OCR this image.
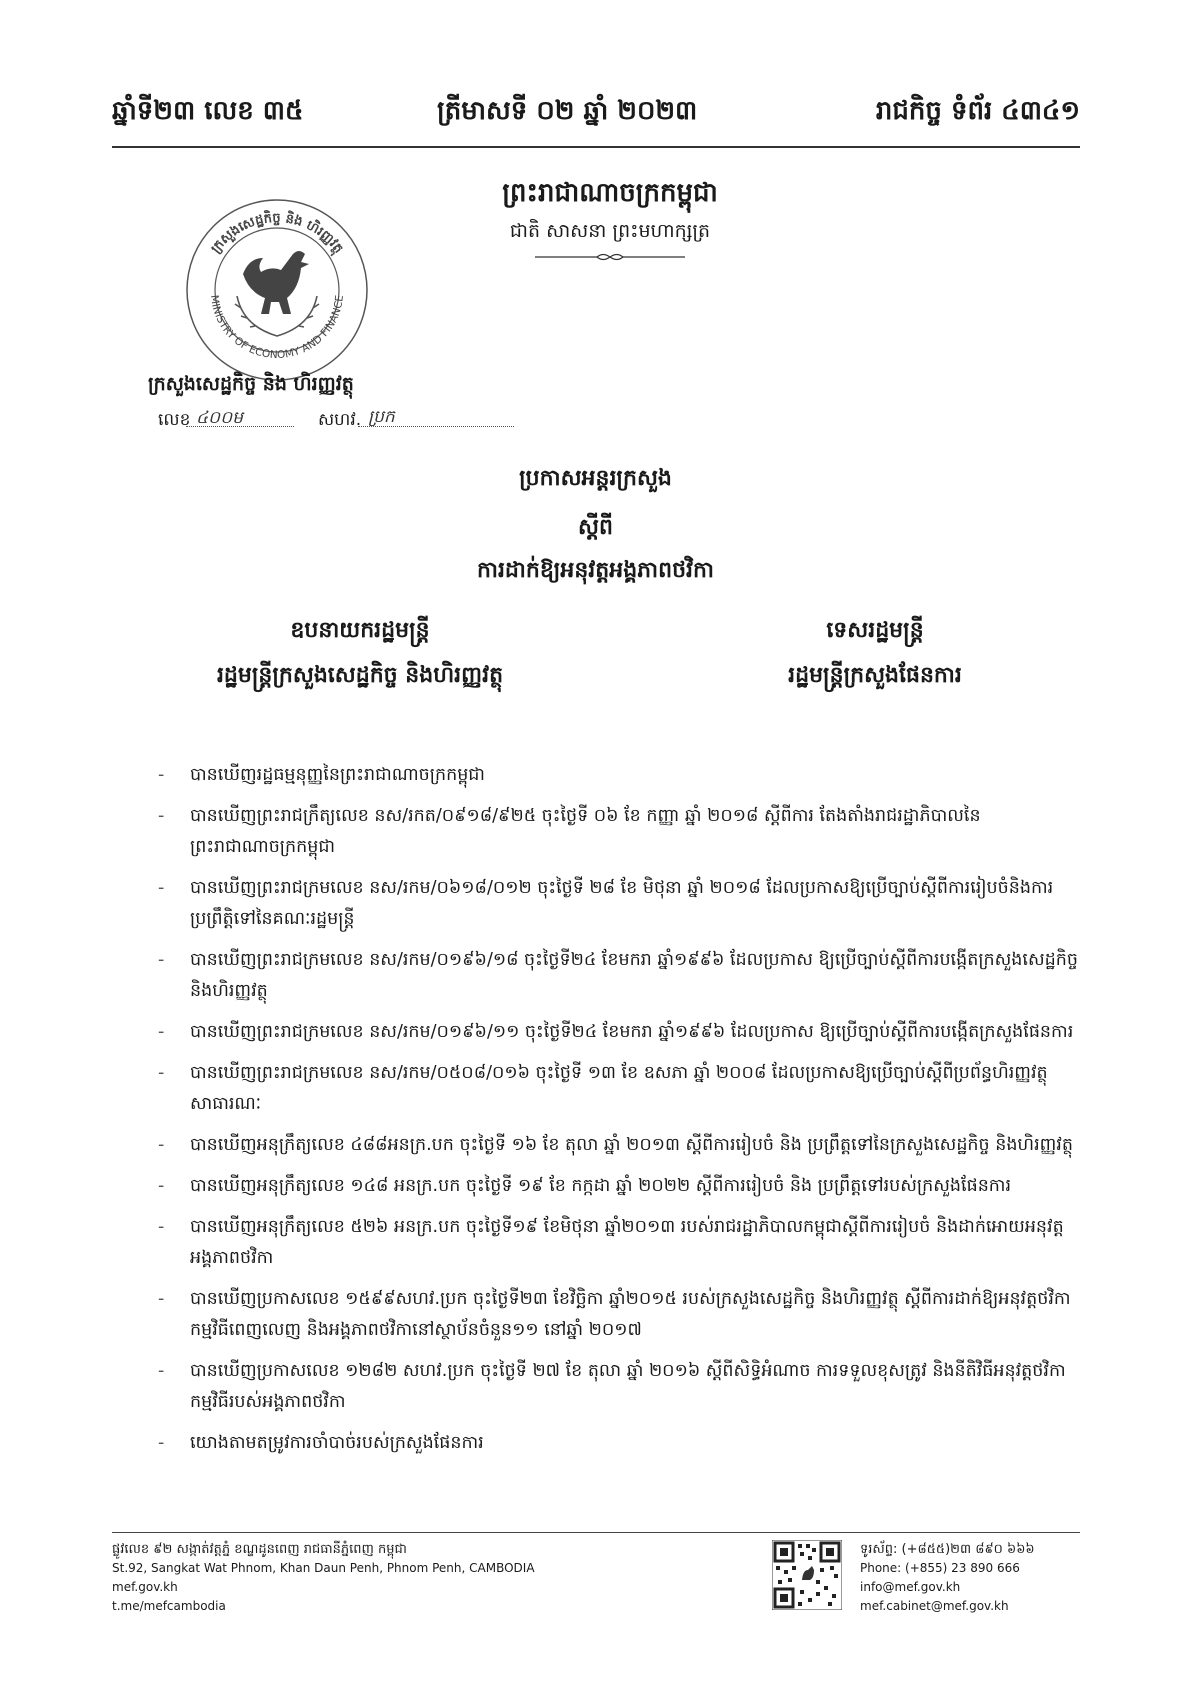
ឆ្នាំទី២៣ លេខ ៣៥	ត្រីមាសទី ០២ ឆ្នាំ ២០២៣	រាជកិច្ច ទំព័រ ៤៣៤១
ព្រះរាជាណាចក្រកម្ពុជា
ជាតិ សាសនា ព្រះមហាក្សត្រ
ក្រសួងសេដ្ឋកិច្ច និង ហិរញ្ញវត្ថុ
MINISTRY OF ECONOMY AND FINANCE
ក្រសួងសេដ្ឋកិច្ច និង ហិរញ្ញវត្ថុ
លេខ ៤០០ម	សហវ. ប្រក
ប្រកាសអន្តរក្រសួង
ស្តីពី
ការដាក់ឱ្យអនុវត្តអង្គភាពថវិកា
ឧបនាយករដ្ឋមន្ត្រី
រដ្ឋមន្ត្រីក្រសួងសេដ្ឋកិច្ច និងហិរញ្ញវត្ថុ
ទេសរដ្ឋមន្ត្រី
រដ្ឋមន្ត្រីក្រសួងផែនការ
- បានឃើញរដ្ឋធម្មនុញ្ញនៃព្រះរាជាណាចក្រកម្ពុជា
- បានឃើញព្រះរាជក្រឹត្យលេខ នស/រកត/០៩១៨/៩២៥ ចុះថ្ងៃទី ០៦ ខែ កញ្ញា ឆ្នាំ ២០១៨ ស្តីពីការ តែងតាំងរាជរដ្ឋាភិបាលនៃព្រះរាជាណាចក្រកម្ពុជា
- បានឃើញព្រះរាជក្រមលេខ នស/រកម/០៦១៨/០១២ ចុះថ្ងៃទី ២៨ ខែ មិថុនា ឆ្នាំ ២០១៨ ដែលប្រកាសឱ្យប្រើច្បាប់ស្តីពីការរៀបចំនិងការប្រព្រឹត្តិទៅនៃគណៈរដ្ឋមន្ត្រី
- បានឃើញព្រះរាជក្រមលេខ នស/រកម/០១៩៦/១៨ ចុះថ្ងៃទី២៤ ខែមករា ឆ្នាំ១៩៩៦ ដែលប្រកាស ឱ្យប្រើច្បាប់ស្តីពីការបង្កើតក្រសួងសេដ្ឋកិច្ច និងហិរញ្ញវត្ថុ
- បានឃើញព្រះរាជក្រមលេខ នស/រកម/០១៩៦/១១ ចុះថ្ងៃទី២៤ ខែមករា ឆ្នាំ១៩៩៦ ដែលប្រកាស ឱ្យប្រើច្បាប់ស្តីពីការបង្កើតក្រសួងផែនការ
- បានឃើញព្រះរាជក្រមលេខ នស/រកម/០៥០៨/០១៦ ចុះថ្ងៃទី ១៣ ខែ ឧសភា ឆ្នាំ ២០០៨ ដែលប្រកាសឱ្យប្រើច្បាប់ស្តីពីប្រព័ន្ធហិរញ្ញវត្ថុសាធារណៈ
- បានឃើញអនុក្រឹត្យលេខ ៤៨៨អនក្រ.បក ចុះថ្ងៃទី ១៦ ខែ តុលា ឆ្នាំ ២០១៣ ស្តីពីការរៀបចំ និង ប្រព្រឹត្តទៅនៃក្រសួងសេដ្ឋកិច្ច និងហិរញ្ញវត្ថុ
- បានឃើញអនុក្រឹត្យលេខ ១៤៨ អនក្រ.បក ចុះថ្ងៃទី ១៩ ខែ កក្កដា ឆ្នាំ ២០២២ ស្តីពីការរៀបចំ និង ប្រព្រឹត្តទៅរបស់ក្រសួងផែនការ
- បានឃើញអនុក្រឹត្យលេខ ៥២៦ អនក្រ.បក ចុះថ្ងៃទី១៩ ខែមិថុនា ឆ្នាំ២០១៣ របស់រាជរដ្ឋាភិបាលកម្ពុជាស្តីពីការរៀបចំ និងដាក់អោយអនុវត្តអង្គភាពថវិកា
- បានឃើញប្រកាសលេខ ១៥៩៩សហវ.ប្រក ចុះថ្ងៃទី២៣ ខែវិច្ឆិកា ឆ្នាំ២០១៥ របស់ក្រសួងសេដ្ឋកិច្ច និងហិរញ្ញវត្ថុ ស្តីពីការដាក់ឱ្យអនុវត្តថវិកាកម្មវិធីពេញលេញ និងអង្គភាពថវិកានៅស្ថាប័នចំនួន១១ នៅឆ្នាំ ២០១៧
- បានឃើញប្រកាសលេខ ១២៨២ សហវ.ប្រក ចុះថ្ងៃទី ២៧ ខែ តុលា ឆ្នាំ ២០១៦ ស្តីពីសិទ្ធិអំណាច ការទទួលខុសត្រូវ និងនីតិវិធីអនុវត្តថវិកាកម្មវិធីរបស់អង្គភាពថវិកា
- យោងតាមតម្រូវការចាំបាច់របស់ក្រសួងផែនការ
ផ្លូវលេខ ៩២ សង្កាត់វត្តភ្នំ ខណ្ឌដូនពេញ រាជធានីភ្នំពេញ កម្ពុជា
St.92, Sangkat Wat Phnom, Khan Daun Penh, Phnom Penh, CAMBODIA
mef.gov.kh
t.me/mefcambodia
ទូរស័ព្ទ: (+៨៥៥)២៣ ៨៩០ ៦៦៦
Phone: (+855) 23 890 666
info@mef.gov.kh
mef.cabinet@mef.gov.kh
